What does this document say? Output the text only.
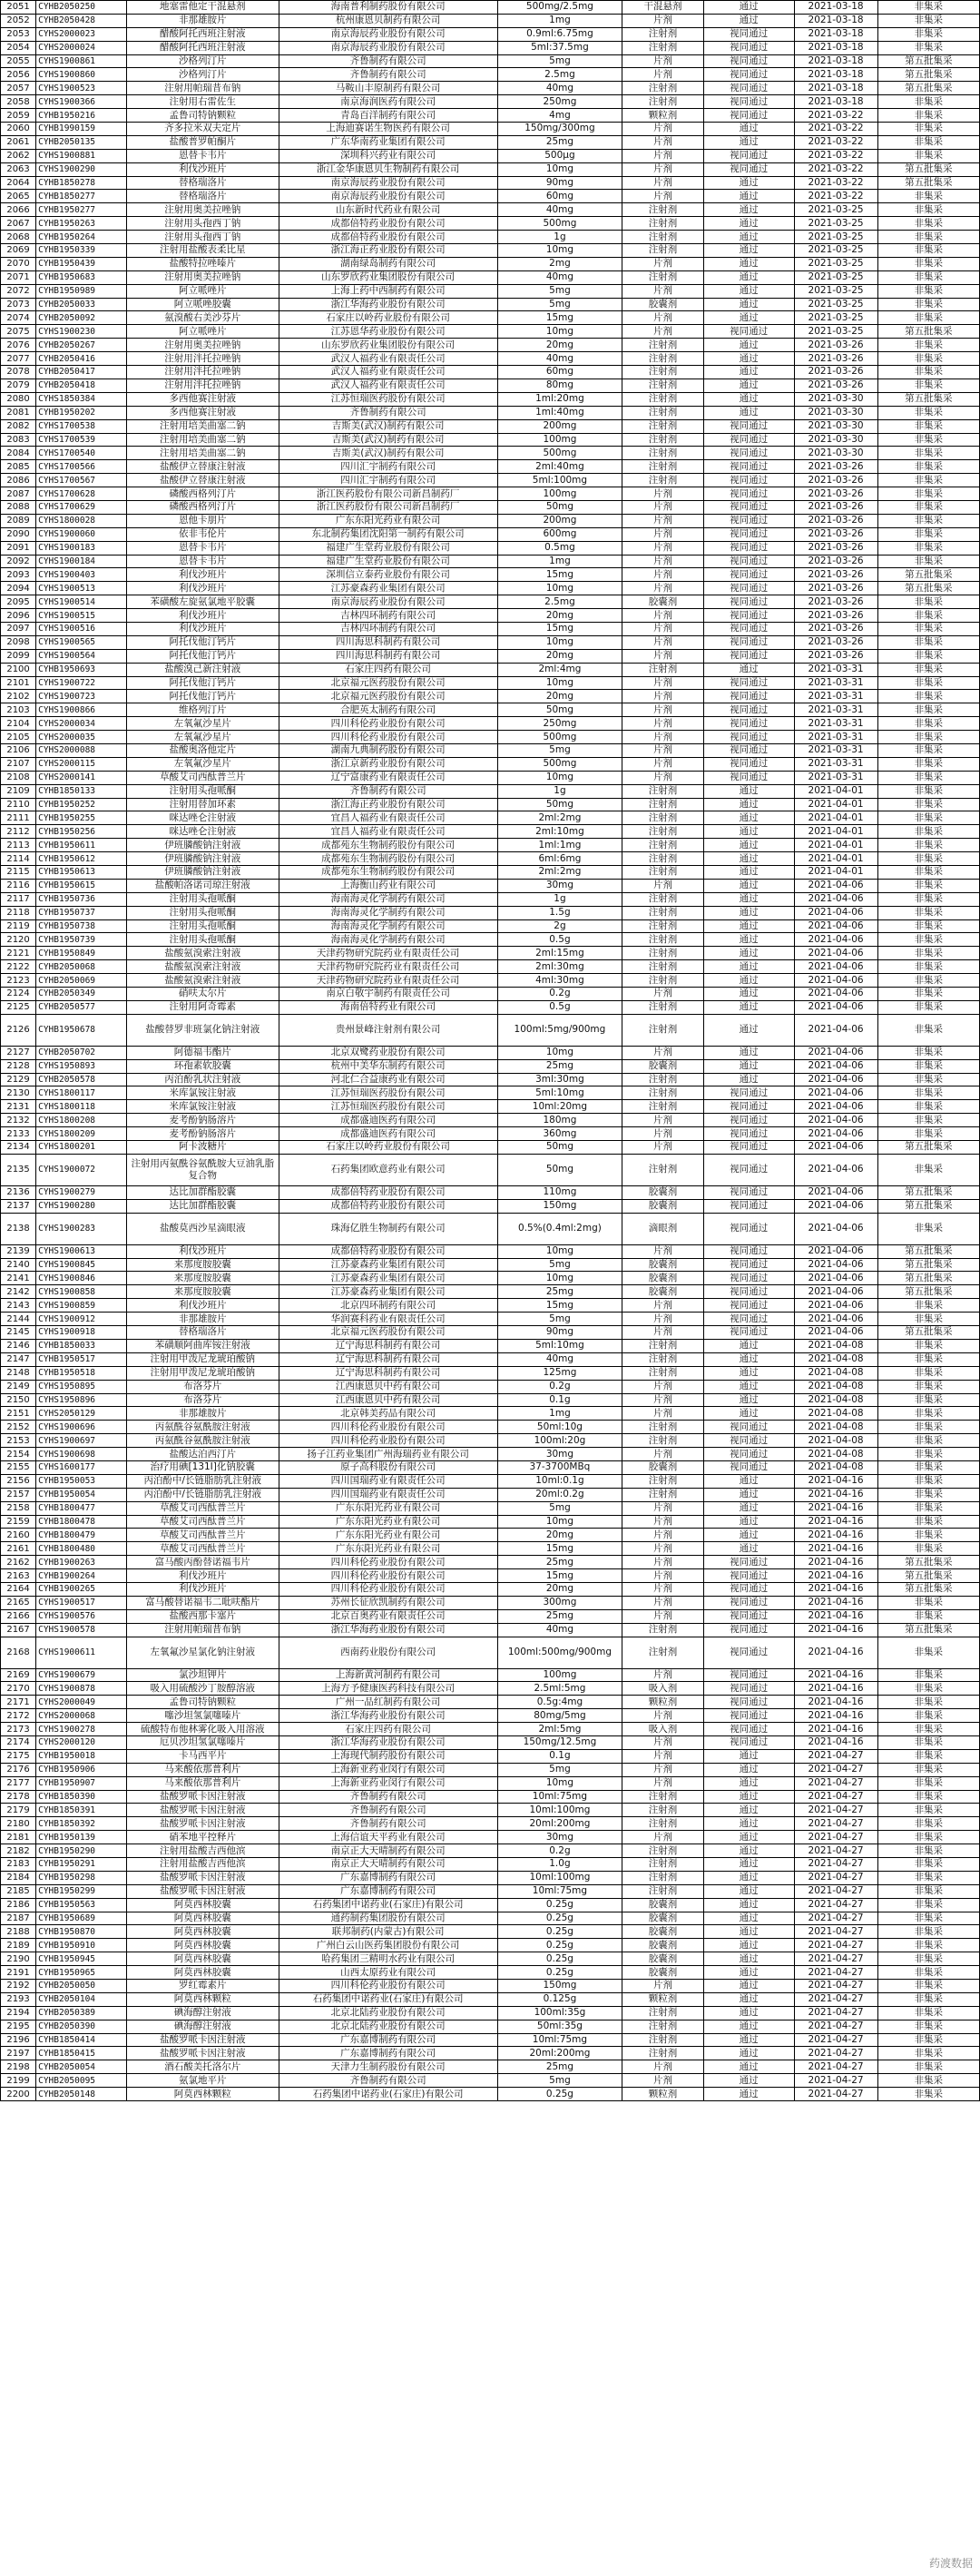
2051	CYHB2050250	地塞雷他定干混悬剂	海南普利制药股份有限公司	500mg/2.5mg	干混悬剂	通过	2021-03-18	非集采
2052	CYHB2050428	非那雄胺片	杭州康恩贝制药有限公司	1mg	片剂	通过	2021-03-18	非集采
2053	CYHS2000023	醋酸阿托西班注射液	南京海辰药业股份有限公司	0.9ml:6.75mg	注射剂	视同通过	2021-03-18	非集采
2054	CYHS2000024	醋酸阿托西班注射液	南京海辰药业股份有限公司	5ml:37.5mg	注射剂	视同通过	2021-03-18	非集采
2055	CYHS1900861	沙格列汀片	齐鲁制药有限公司	5mg	片剂	视同通过	2021-03-18	第五批集采
2056	CYHS1900860	沙格列汀片	齐鲁制药有限公司	2.5mg	片剂	视同通过	2021-03-18	第五批集采
2057	CYHS1900523	注射用帕瑞昔布钠	马鞍山丰原制药有限公司	40mg	注射剂	视同通过	2021-03-18	第五批集采
2058	CYHS1900366	注射用右雷佐生	南京海润医药有限公司	250mg	注射剂	视同通过	2021-03-18	非集采
2059	CYHB1950216	孟鲁司特钠颗粒	青岛百洋制药有限公司	4mg	颗粒剂	视同通过	2021-03-22	非集采
2060	CYHB1990159	齐多拉米双夫定片	上海迪赛诺生物医药有限公司	150mg/300mg	片剂	通过	2021-03-22	非集采
2061	CYHB2050135	盐酸普罗帕酮片	广东华南药业集团有限公司	25mg	片剂	通过	2021-03-22	非集采
2062	CYHS1900881	恩替卡韦片	深圳科兴药业有限公司	500μg	片剂	视同通过	2021-03-22	非集采
2063	CYHS1900290	利伐沙班片	浙江金华康恩贝生物制药有限公司	10mg	片剂	视同通过	2021-03-22	第五批集采
2064	CYHB1850278	替格瑞洛片	南京海辰药业股份有限公司	90mg	片剂	通过	2021-03-22	第五批集采
2065	CYHB1850277	替格瑞洛片	南京海辰药业股份有限公司	60mg	片剂	通过	2021-03-22	非集采
2066	CYHB1950277	注射用奥美拉唑钠	山东新时代药业有限公司	40mg	注射剂	通过	2021-03-25	非集采
2067	CYHB1950263	注射用头孢西丁钠	成都倍特药业股份有限公司	500mg	注射剂	通过	2021-03-25	非集采
2068	CYHB1950264	注射用头孢西丁钠	成都倍特药业股份有限公司	1g	注射剂	通过	2021-03-25	非集采
2069	CYHB1950339	注射用盐酸表柔比星	浙江海正药业股份有限公司	10mg	注射剂	通过	2021-03-25	非集采
2070	CYHB1950439	盐酸特拉唑嗪片	湖南绿岛制药有限公司	2mg	片剂	通过	2021-03-25	非集采
2071	CYHB1950683	注射用奥美拉唑钠	山东罗欣药业集团股份有限公司	40mg	注射剂	通过	2021-03-25	非集采
2072	CYHB1950989	阿立哌唑片	上海上药中西制药有限公司	5mg	片剂	通过	2021-03-25	非集采
2073	CYHB2050033	阿立哌唑胶囊	浙江华海药业股份有限公司	5mg	胶囊剂	通过	2021-03-25	非集采
2074	CYHB2050092	氨溴酸右美沙芬片	石家庄以岭药业股份有限公司	15mg	片剂	通过	2021-03-25	非集采
2075	CYHS1900230	阿立哌唑片	江苏恩华药业股份有限公司	10mg	片剂	视同通过	2021-03-25	第五批集采
2076	CYHB2050267	注射用奥美拉唑钠	山东罗欣药业集团股份有限公司	20mg	注射剂	通过	2021-03-26	非集采
2077	CYHB2050416	注射用泮托拉唑钠	武汉人福药业有限责任公司	40mg	注射剂	通过	2021-03-26	非集采
2078	CYHB2050417	注射用泮托拉唑钠	武汉人福药业有限责任公司	60mg	注射剂	通过	2021-03-26	非集采
2079	CYHB2050418	注射用泮托拉唑钠	武汉人福药业有限责任公司	80mg	注射剂	通过	2021-03-26	非集采
2080	CYHS1850384	多西他赛注射液	江苏恒瑞医药股份有限公司	1ml:20mg	注射剂	通过	2021-03-30	第五批集采
2081	CYHB1950202	多西他赛注射液	齐鲁制药有限公司	1ml:40mg	注射剂	通过	2021-03-30	非集采
2082	CYHS1700538	注射用培美曲塞二钠	吉斯美(武汉)制药有限公司	200mg	注射剂	视同通过	2021-03-30	非集采
2083	CYHS1700539	注射用培美曲塞二钠	吉斯美(武汉)制药有限公司	100mg	注射剂	视同通过	2021-03-30	非集采
2084	CYHS1700540	注射用培美曲塞二钠	吉斯美(武汉)制药有限公司	500mg	注射剂	视同通过	2021-03-30	非集采
2085	CYHS1700566	盐酸伊立替康注射液	四川汇宇制药有限公司	2ml:40mg	注射剂	视同通过	2021-03-26	非集采
2086	CYHS1700567	盐酸伊立替康注射液	四川汇宇制药有限公司	5ml:100mg	注射剂	视同通过	2021-03-26	非集采
2087	CYHS1700628	磷酸西格列汀片	浙江医药股份有限公司新昌制药厂	100mg	片剂	视同通过	2021-03-26	非集采
2088	CYHS1700629	磷酸西格列汀片	浙江医药股份有限公司新昌制药厂	50mg	片剂	视同通过	2021-03-26	非集采
2089	CYHS1800028	恩他卡朋片	广东东阳光药业有限公司	200mg	片剂	视同通过	2021-03-26	非集采
2090	CYHS1900060	依非韦伦片	东北制药集团沈阳第一制药有限公司	600mg	片剂	视同通过	2021-03-26	非集采
2091	CYHS1900183	恩替卡韦片	福建广生堂药业股份有限公司	0.5mg	片剂	视同通过	2021-03-26	非集采
2092	CYHS1900184	恩替卡韦片	福建广生堂药业股份有限公司	1mg	片剂	视同通过	2021-03-26	非集采
2093	CYHS1900403	利伐沙班片	深圳信立泰药业股份有限公司	15mg	片剂	视同通过	2021-03-26	第五批集采
2094	CYHS1900513	利伐沙班片	江苏豪森药业集团有限公司	10mg	片剂	视同通过	2021-03-26	第五批集采
2095	CYHS1900514	苯磺酸左旋氨氯地平胶囊	南京海辰药业股份有限公司	2.5mg	胶囊剂	视同通过	2021-03-26	非集采
2096	CYHS1900515	利伐沙班片	吉林四环制药有限公司	20mg	片剂	视同通过	2021-03-26	非集采
2097	CYHS1900516	利伐沙班片	吉林四环制药有限公司	15mg	片剂	视同通过	2021-03-26	非集采
2098	CYHS1900565	阿托伐他汀钙片	四川海思科制药有限公司	10mg	片剂	视同通过	2021-03-26	非集采
2099	CYHS1900564	阿托伐他汀钙片	四川海思科制药有限公司	20mg	片剂	视同通过	2021-03-26	非集采
2100	CYHB1950693	盐酸溴己新注射液	石家庄四药有限公司	2ml:4mg	注射剂	通过	2021-03-31	非集采
2101	CYHS1900722	阿托伐他汀钙片	北京福元医药股份有限公司	10mg	片剂	视同通过	2021-03-31	非集采
2102	CYHS1900723	阿托伐他汀钙片	北京福元医药股份有限公司	20mg	片剂	视同通过	2021-03-31	非集采
2103	CYHS1900866	维格列汀片	合肥英太制药有限公司	50mg	片剂	视同通过	2021-03-31	非集采
2104	CYHS2000034	左氧氟沙星片	四川科伦药业股份有限公司	250mg	片剂	视同通过	2021-03-31	非集采
2105	CYHS2000035	左氧氟沙星片	四川科伦药业股份有限公司	500mg	片剂	视同通过	2021-03-31	非集采
2106	CYHS2000088	盐酸奥洛他定片	湖南九典制药股份有限公司	5mg	片剂	视同通过	2021-03-31	非集采
2107	CYHS2000115	左氧氟沙星片	浙江京新药业股份有限公司	500mg	片剂	视同通过	2021-03-31	非集采
2108	CYHS2000141	草酸艾司西酞普兰片	辽宁富康药业有限责任公司	10mg	片剂	视同通过	2021-03-31	非集采
2109	CYHB1850133	注射用头孢哌酮	齐鲁制药有限公司	1g	注射剂	通过	2021-04-01	非集采
2110	CYHB1950252	注射用替加环素	浙江海正药业股份有限公司	50mg	注射剂	通过	2021-04-01	非集采
2111	CYHB1950255	咪达唑仑注射液	宜昌人福药业有限责任公司	2ml:2mg	注射剂	通过	2021-04-01	非集采
2112	CYHB1950256	咪达唑仑注射液	宜昌人福药业有限责任公司	2ml:10mg	注射剂	通过	2021-04-01	非集采
2113	CYHB1950611	伊班膦酸钠注射液	成都苑东生物制药股份有限公司	1ml:1mg	注射剂	通过	2021-04-01	非集采
2114	CYHB1950612	伊班膦酸钠注射液	成都苑东生物制药股份有限公司	6ml:6mg	注射剂	通过	2021-04-01	非集采
2115	CYHB1950613	伊班膦酸钠注射液	成都苑东生物制药股份有限公司	2ml:2mg	注射剂	通过	2021-04-01	非集采
2116	CYHB1950615	盐酸帕洛诺司琼注射液	上海衡山药业有限公司	30mg	片剂	通过	2021-04-06	非集采
2117	CYHB1950736	注射用头孢哌酮	海南海灵化学制药有限公司	1g	注射剂	通过	2021-04-06	非集采
2118	CYHB1950737	注射用头孢哌酮	海南海灵化学制药有限公司	1.5g	注射剂	通过	2021-04-06	非集采
2119	CYHB1950738	注射用头孢哌酮	海南海灵化学制药有限公司	2g	注射剂	通过	2021-04-06	非集采
2120	CYHB1950739	注射用头孢哌酮	海南海灵化学制药有限公司	0.5g	注射剂	通过	2021-04-06	非集采
2121	CYHB1950849	盐酸氨溴索注射液	天津药物研究院药业有限责任公司	2ml:15mg	注射剂	通过	2021-04-06	非集采
2122	CYHB2050068	盐酸氨溴索注射液	天津药物研究院药业有限责任公司	2ml:30mg	注射剂	通过	2021-04-06	非集采
2123	CYHB2050069	盐酸氨溴索注射液	天津药物研究院药业有限责任公司	4ml:30mg	注射剂	通过	2021-04-06	非集采
2124	CYHB2050349	硝呋太尔片	南京白敬宇制药有限责任公司	0.2g	片剂	通过	2021-04-06	非集采
2125	CYHB2050577	注射用阿奇霉素	海南倍特药业有限公司	0.5g	注射剂	通过	2021-04-06	非集采
2126	CYHB1950678	盐酸替罗非班氯化钠注射液	贵州景峰注射剂有限公司	100ml:5mg/900mg	注射剂	通过	2021-04-06	非集采
2127	CYHB2050702	阿德福韦酯片	北京双鹭药业股份有限公司	10mg	片剂	通过	2021-04-06	非集采
2128	CYHS1950893	环孢素软胶囊	杭州中美华东制药有限公司	25mg	胶囊剂	通过	2021-04-06	非集采
2129	CYHB2050578	丙泊酚乳状注射液	河北仁合益康药业有限公司	3ml:30mg	注射剂	通过	2021-04-06	非集采
2130	CYHS1800117	米库氯铵注射液	江苏恒瑞医药股份有限公司	5ml:10mg	注射剂	视同通过	2021-04-06	非集采
2131	CYHS1800118	米库氯铵注射液	江苏恒瑞医药股份有限公司	10ml:20mg	注射剂	视同通过	2021-04-06	非集采
2132	CYHS1800208	麦考酚钠肠溶片	成都盛迪医药有限公司	180mg	片剂	视同通过	2021-04-06	非集采
2133	CYHS1800209	麦考酚钠肠溶片	成都盛迪医药有限公司	360mg	片剂	视同通过	2021-04-06	非集采
2134	CYHS1800201	阿卡波糖片	石家庄以岭药业股份有限公司	50mg	片剂	视同通过	2021-04-06	第五批集采
2135	CYHS1900072	注射用丙氨酰谷氨酰胺大豆油乳脂复合物	石药集团欧意药业有限公司	50mg	注射剂	视同通过	2021-04-06	非集采
2136	CYHS1900279	达比加群酯胶囊	成都倍特药业股份有限公司	110mg	胶囊剂	视同通过	2021-04-06	第五批集采
2137	CYHS1900280	达比加群酯胶囊	成都倍特药业股份有限公司	150mg	胶囊剂	视同通过	2021-04-06	第五批集采
2138	CYHS1900283	盐酸莫西沙星滴眼液	珠海亿胜生物制药有限公司	0.5%(0.4ml:2mg)	滴眼剂	视同通过	2021-04-06	非集采
2139	CYHS1900613	利伐沙班片	成都倍特药业股份有限公司	10mg	片剂	视同通过	2021-04-06	第五批集采
2140	CYHS1900845	来那度胺胶囊	江苏豪森药业集团有限公司	5mg	胶囊剂	视同通过	2021-04-06	第五批集采
2141	CYHS1900846	来那度胺胶囊	江苏豪森药业集团有限公司	10mg	胶囊剂	视同通过	2021-04-06	第五批集采
2142	CYHS1900858	来那度胺胶囊	江苏豪森药业集团有限公司	25mg	胶囊剂	视同通过	2021-04-06	第五批集采
2143	CYHS1900859	利伐沙班片	北京四环制药有限公司	15mg	片剂	视同通过	2021-04-06	非集采
2144	CYHS1900912	非那雄胺片	华润赛科药业有限责任公司	5mg	片剂	视同通过	2021-04-06	非集采
2145	CYHS1900918	替格瑞洛片	北京福元医药股份有限公司	90mg	片剂	视同通过	2021-04-06	第五批集采
2146	CYHB1850033	苯磺顺阿曲库铵注射液	辽宁海思科制药有限公司	5ml:10mg	注射剂	通过	2021-04-08	非集采
2147	CYHB1950517	注射用甲泼尼龙琥珀酸钠	辽宁海思科制药有限公司	40mg	注射剂	通过	2021-04-08	非集采
2148	CYHB1950518	注射用甲泼尼龙琥珀酸钠	辽宁海思科制药有限公司	125mg	注射剂	通过	2021-04-08	非集采
2149	CYHS1950895	布洛芬片	江西康恩贝中药有限公司	0.2g	片剂	通过	2021-04-08	非集采
2150	CYHS1950896	布洛芬片	江西康恩贝中药有限公司	0.1g	片剂	通过	2021-04-08	非集采
2151	CYHS2050129	非那雄胺片	北京韩美药品有限公司	1mg	片剂	通过	2021-04-08	非集采
2152	CYHS1900696	丙氨酰谷氨酰胺注射液	四川科伦药业股份有限公司	50ml:10g	注射剂	视同通过	2021-04-08	非集采
2153	CYHS1900697	丙氨酰谷氨酰胺注射液	四川科伦药业股份有限公司	100ml:20g	注射剂	视同通过	2021-04-08	非集采
2154	CYHS1900698	盐酸达泊西汀片	扬子江药业集团广州海瑞药业有限公司	30mg	片剂	视同通过	2021-04-08	非集采
2155	CYHS1600177	治疗用碘[131I]化钠胶囊	原子高科股份有限公司	37-3700MBq	胶囊剂	视同通过	2021-04-08	非集采
2156	CYHB1950053	丙泊酚中/长链脂肪乳注射液	四川国瑞药业有限责任公司	10ml:0.1g	注射剂	通过	2021-04-16	非集采
2157	CYHB1950054	丙泊酚中/长链脂肪乳注射液	四川国瑞药业有限责任公司	20ml:0.2g	注射剂	通过	2021-04-16	非集采
2158	CYHB1800477	草酸艾司西酞普兰片	广东东阳光药业有限公司	5mg	片剂	通过	2021-04-16	非集采
2159	CYHB1800478	草酸艾司西酞普兰片	广东东阳光药业有限公司	10mg	片剂	通过	2021-04-16	非集采
2160	CYHB1800479	草酸艾司西酞普兰片	广东东阳光药业有限公司	20mg	片剂	通过	2021-04-16	非集采
2161	CYHB1800480	草酸艾司西酞普兰片	广东东阳光药业有限公司	15mg	片剂	通过	2021-04-16	非集采
2162	CYHB1900263	富马酸丙酚替诺福韦片	四川科伦药业股份有限公司	25mg	片剂	视同通过	2021-04-16	第五批集采
2163	CYHB1900264	利伐沙班片	四川科伦药业股份有限公司	15mg	片剂	视同通过	2021-04-16	第五批集采
2164	CYHB1900265	利伐沙班片	四川科伦药业股份有限公司	20mg	片剂	视同通过	2021-04-16	第五批集采
2165	CYHS1900517	富马酸替诺福韦二吡呋酯片	苏州长征欣凯制药有限公司	300mg	片剂	视同通过	2021-04-16	非集采
2166	CYHS1900576	盐酸西那卡塞片	北京百奥药业有限责任公司	25mg	片剂	视同通过	2021-04-16	非集采
2167	CYHS1900578	注射用帕瑞昔布钠	浙江华海药业股份有限公司	40mg	注射剂	视同通过	2021-04-16	第五批集采
2168	CYHS1900611	左氧氟沙星氯化钠注射液	西南药业股份有限公司	100ml:500mg/900mg	注射剂	视同通过	2021-04-16	非集采
2169	CYHS1900679	氯沙坦钾片	上海新黄河制药有限公司	100mg	片剂	视同通过	2021-04-16	非集采
2170	CYHS1900878	吸入用硫酸沙丁胺醇溶液	上海方予健康医药科技有限公司	2.5ml:5mg	吸入剂	视同通过	2021-04-16	非集采
2171	CYHS2000049	孟鲁司特钠颗粒	广州一品红制药有限公司	0.5g:4mg	颗粒剂	视同通过	2021-04-16	非集采
2172	CYHS2000068	噻沙坦氢氯噻嗪片	浙江华海药业股份有限公司	80mg/5mg	片剂	视同通过	2021-04-16	非集采
2173	CYHS1900278	硫酸特布他林雾化吸入用溶液	石家庄四药有限公司	2ml:5mg	吸入剂	视同通过	2021-04-16	非集采
2174	CYHS2000120	厄贝沙坦氢氯噻嗪片	浙江华海药业股份有限公司	150mg/12.5mg	片剂	视同通过	2021-04-16	非集采
2175	CYHB1950018	卡马西平片	上海现代制药股份有限公司	0.1g	片剂	通过	2021-04-27	非集采
2176	CYHB1950906	马来酸依那普利片	上海新亚药业闵行有限公司	5mg	片剂	通过	2021-04-27	非集采
2177	CYHB1950907	马来酸依那普利片	上海新亚药业闵行有限公司	10mg	片剂	通过	2021-04-27	非集采
2178	CYHB1850390	盐酸罗哌卡因注射液	齐鲁制药有限公司	10ml:75mg	注射剂	通过	2021-04-27	非集采
2179	CYHB1850391	盐酸罗哌卡因注射液	齐鲁制药有限公司	10ml:100mg	注射剂	通过	2021-04-27	非集采
2180	CYHB1850392	盐酸罗哌卡因注射液	齐鲁制药有限公司	20ml:200mg	注射剂	通过	2021-04-27	非集采
2181	CYHB1950139	硝苯地平控释片	上海信谊天平药业有限公司	30mg	片剂	通过	2021-04-27	非集采
2182	CYHB1950290	注射用盐酸吉西他滨	南京正大天晴制药有限公司	0.2g	注射剂	通过	2021-04-27	非集采
2183	CYHB1950291	注射用盐酸吉西他滨	南京正大天晴制药有限公司	1.0g	注射剂	通过	2021-04-27	非集采
2184	CYHB1950298	盐酸罗哌卡因注射液	广东嘉博制药有限公司	10ml:100mg	注射剂	通过	2021-04-27	非集采
2185	CYHB1950299	盐酸罗哌卡因注射液	广东嘉博制药有限公司	10ml:75mg	注射剂	通过	2021-04-27	非集采
2186	CYHB1950563	阿莫西林胶囊	石药集团中诺药业(石家庄)有限公司	0.25g	胶囊剂	通过	2021-04-27	非集采
2187	CYHB1950689	阿莫西林胶囊	通药制药集团股份有限公司	0.25g	胶囊剂	通过	2021-04-27	非集采
2188	CYHB1950870	阿莫西林胶囊	联邦制药(内蒙古)有限公司	0.25g	胶囊剂	通过	2021-04-27	非集采
2189	CYHB1950910	阿莫西林胶囊	广州白云山医药集团股份有限公司	0.25g	胶囊剂	通过	2021-04-27	非集采
2190	CYHB1950945	阿莫西林胶囊	哈药集团三精明水药业有限公司	0.25g	胶囊剂	通过	2021-04-27	非集采
2191	CYHB1950965	阿莫西林胶囊	山西太原药业有限公司	0.25g	胶囊剂	通过	2021-04-27	非集采
2192	CYHB2050050	罗红霉素片	四川科伦药业股份有限公司	150mg	片剂	通过	2021-04-27	非集采
2193	CYHB2050104	阿莫西林颗粒	石药集团中诺药业(石家庄)有限公司	0.125g	颗粒剂	通过	2021-04-27	非集采
2194	CYHB2050389	碘海醇注射液	北京北陆药业股份有限公司	100ml:35g	注射剂	通过	2021-04-27	非集采
2195	CYHB2050390	碘海醇注射液	北京北陆药业股份有限公司	50ml:35g	注射剂	通过	2021-04-27	非集采
2196	CYHB1850414	盐酸罗哌卡因注射液	广东嘉博制药有限公司	10ml:75mg	注射剂	通过	2021-04-27	非集采
2197	CYHB1850415	盐酸罗哌卡因注射液	广东嘉博制药有限公司	20ml:200mg	注射剂	通过	2021-04-27	非集采
2198	CYHB2050054	酒石酸美托洛尔片	天津力生制药股份有限公司	25mg	片剂	通过	2021-04-27	非集采
2199	CYHB2050095	氨氯地平片	齐鲁制药有限公司	5mg	片剂	通过	2021-04-27	非集采
2200	CYHB2050148	阿莫西林颗粒	石药集团中诺药业(石家庄)有限公司	0.25g	颗粒剂	通过	2021-04-27	非集采
药渡数据
